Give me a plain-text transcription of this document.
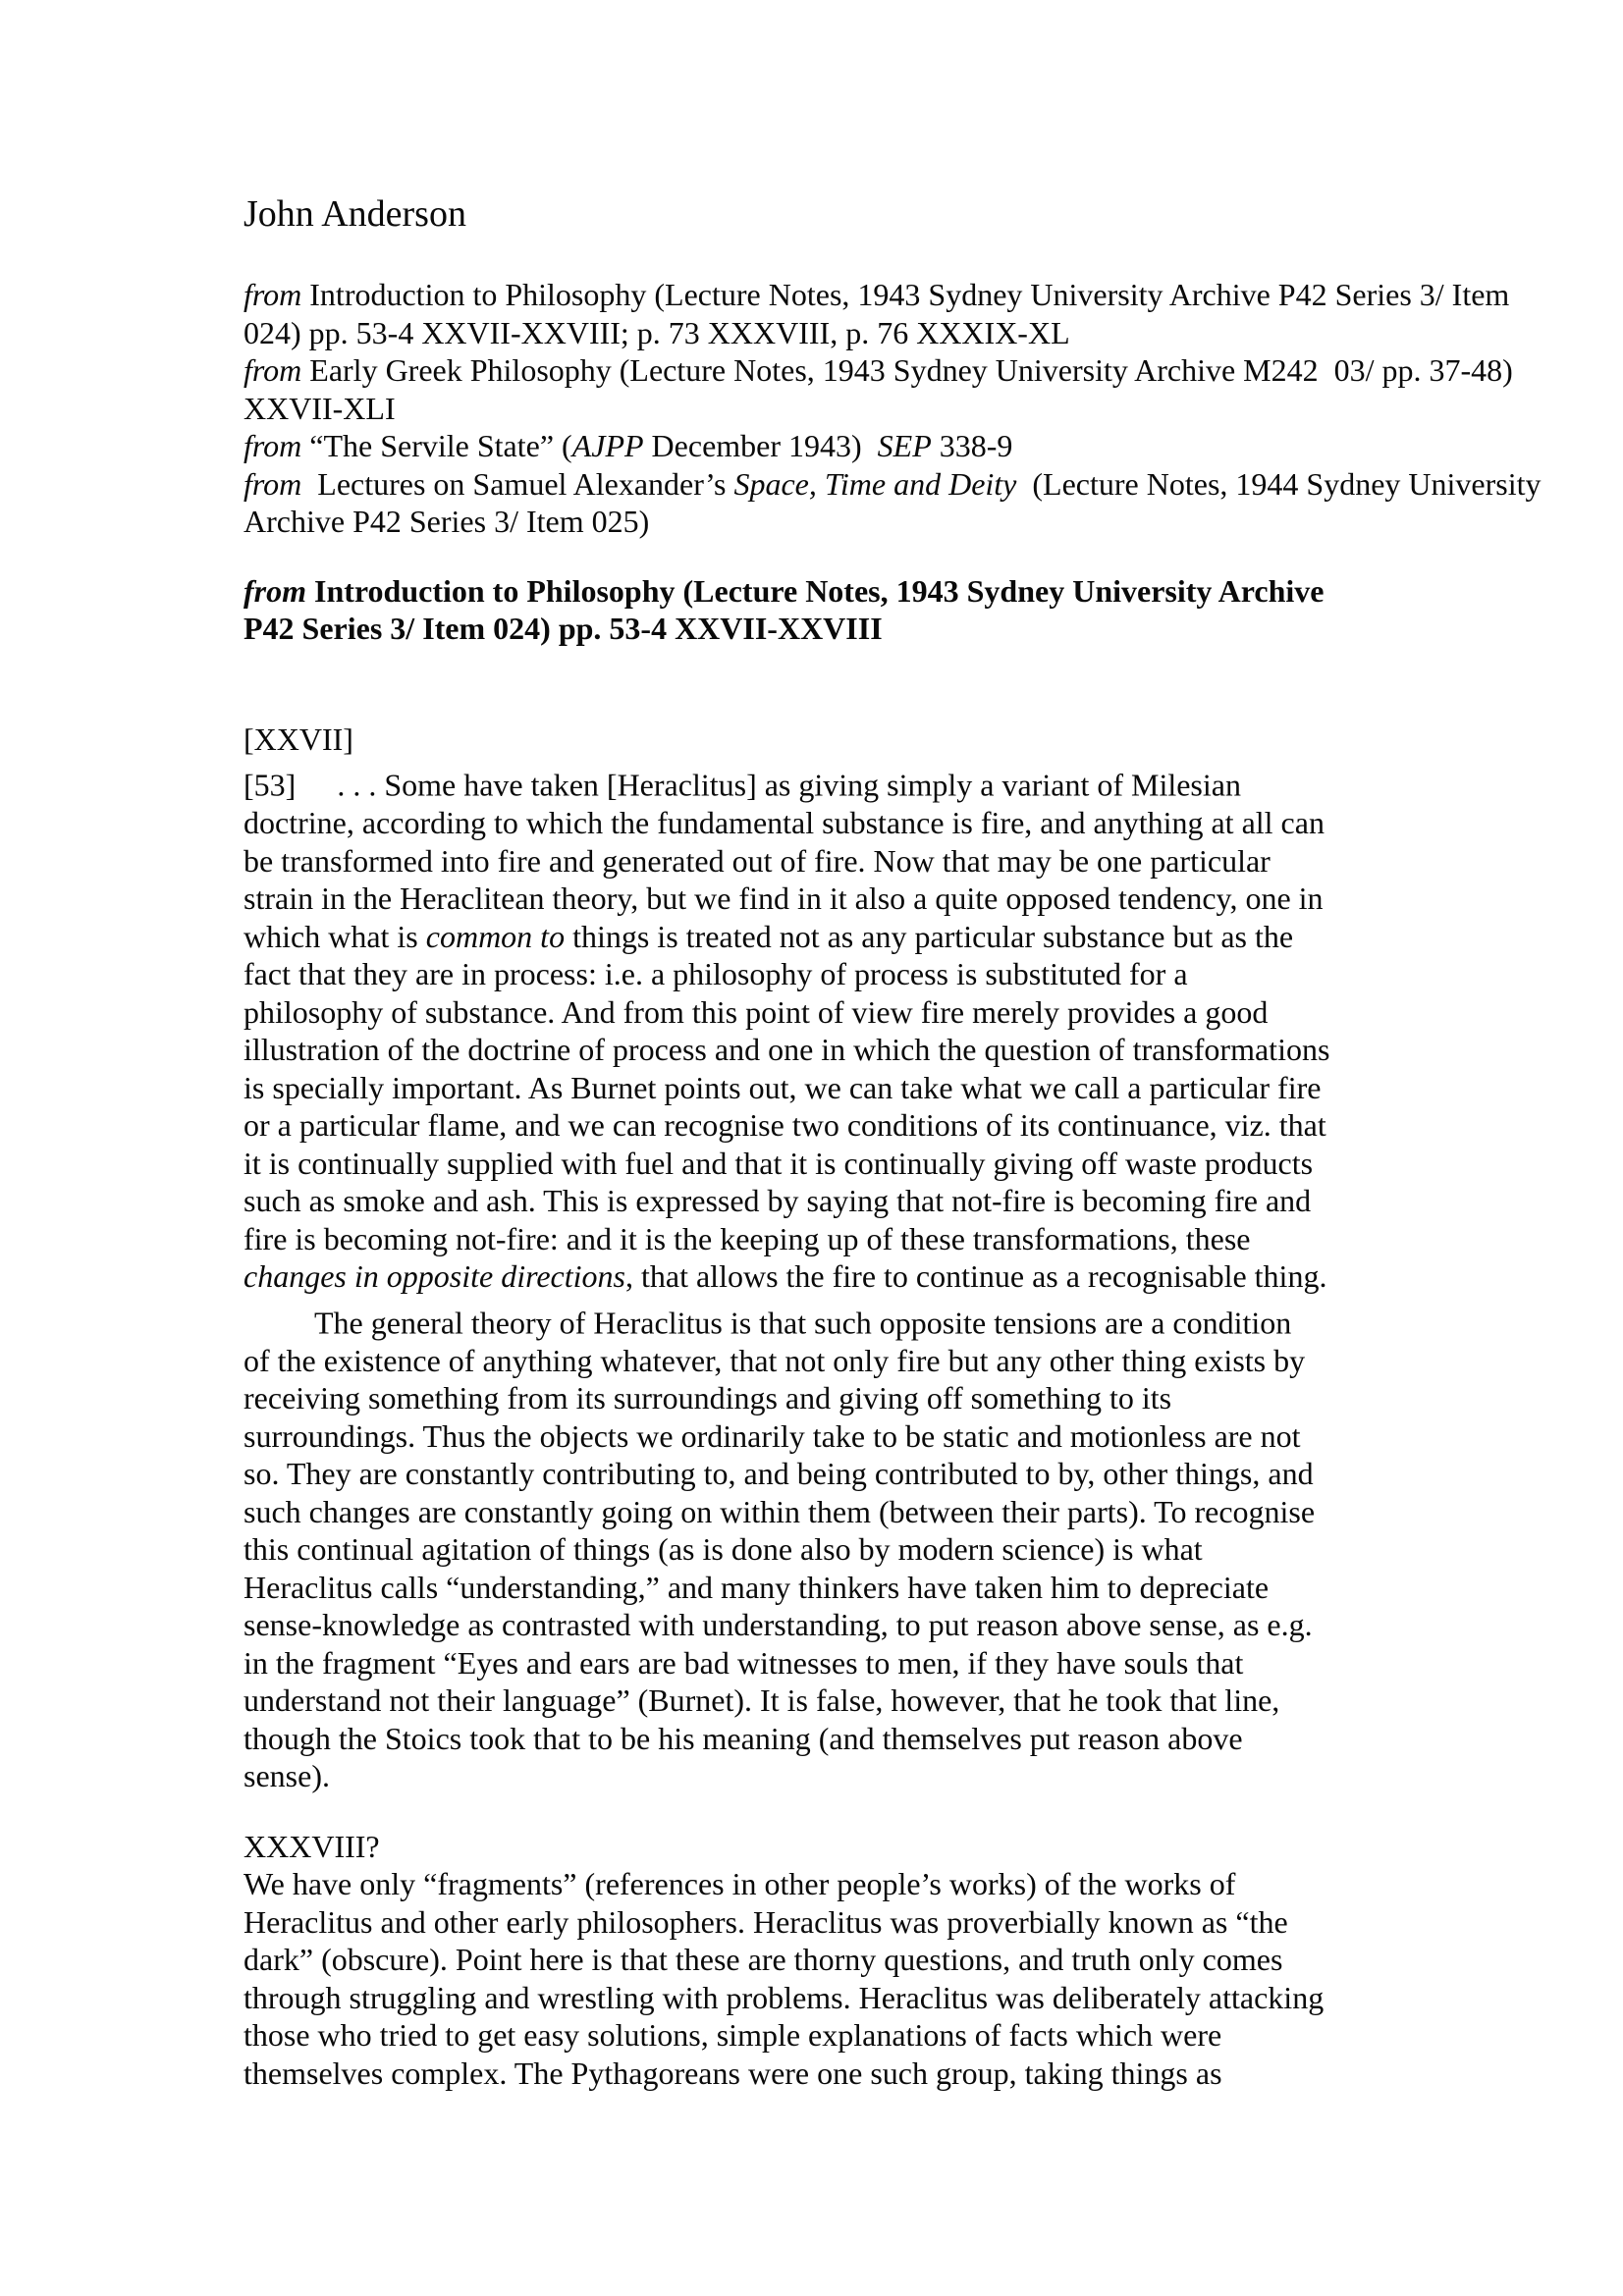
John Anderson
from Introduction to Philosophy (Lecture Notes, 1943 Sydney University Archive P42 Series 3/ Item
024) pp. 53-4 XXVII-XXVIII; p. 73 XXXVIII, p. 76 XXXIX-XL
from Early Greek Philosophy (Lecture Notes, 1943 Sydney University Archive M242  03/ pp. 37-48)
XXVII-XLI
from “The Servile State” (AJPP December 1943)  SEP 338-9
from  Lectures on Samuel Alexander’s Space, Time and Deity  (Lecture Notes, 1944 Sydney University
Archive P42 Series 3/ Item 025)
from Introduction to Philosophy (Lecture Notes, 1943 Sydney University Archive
P42 Series 3/ Item 024) pp. 53-4 XXVII-XXVIII
[XXVII]
[53] . . . Some have taken [Heraclitus] as giving simply a variant of Milesian
doctrine, according to which the fundamental substance is fire, and anything at all can
be transformed into fire and generated out of fire. Now that may be one particular
strain in the Heraclitean theory, but we find in it also a quite opposed tendency, one in
which what is common to things is treated not as any particular substance but as the
fact that they are in process: i.e. a philosophy of process is substituted for a
philosophy of substance. And from this point of view fire merely provides a good
illustration of the doctrine of process and one in which the question of transformations
is specially important. As Burnet points out, we can take what we call a particular fire
or a particular flame, and we can recognise two conditions of its continuance, viz. that
it is continually supplied with fuel and that it is continually giving off waste products
such as smoke and ash. This is expressed by saying that not-fire is becoming fire and
fire is becoming not-fire: and it is the keeping up of these transformations, these
changes in opposite directions, that allows the fire to continue as a recognisable thing.
The general theory of Heraclitus is that such opposite tensions are a condition
of the existence of anything whatever, that not only fire but any other thing exists by
receiving something from its surroundings and giving off something to its
surroundings. Thus the objects we ordinarily take to be static and motionless are not
so. They are constantly contributing to, and being contributed to by, other things, and
such changes are constantly going on within them (between their parts). To recognise
this continual agitation of things (as is done also by modern science) is what
Heraclitus calls “understanding,” and many thinkers have taken him to depreciate
sense-knowledge as contrasted with understanding, to put reason above sense, as e.g.
in the fragment “Eyes and ears are bad witnesses to men, if they have souls that
understand not their language” (Burnet). It is false, however, that he took that line,
though the Stoics took that to be his meaning (and themselves put reason above
sense).
XXXVIII?
We have only “fragments” (references in other people’s works) of the works of
Heraclitus and other early philosophers. Heraclitus was proverbially known as “the
dark” (obscure). Point here is that these are thorny questions, and truth only comes
through struggling and wrestling with problems. Heraclitus was deliberately attacking
those who tried to get easy solutions, simple explanations of facts which were
themselves complex. The Pythagoreans were one such group, taking things as
